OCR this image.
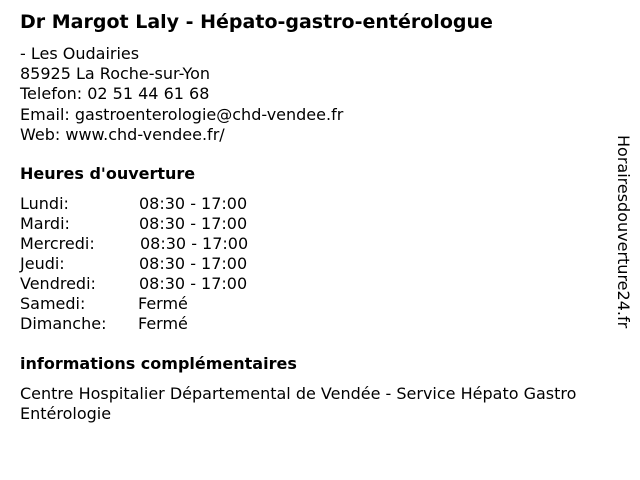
Dr Margot Laly - Hépato-gastro-entérologue
- Les Oudairies
85925 La Roche-sur-Yon
Telefon: 02 51 44 61 68
Email: gastroenterologie@chd-vendee.fr
Web: www.chd-vendee.fr/
Heures d'ouverture
Lundi:	08:30 - 17:00
Mardi:	08:30 - 17:00
Mercredi:	08:30 - 17:00
Jeudi:	08:30 - 17:00
Vendredi:	08:30 - 17:00
Samedi:	Fermé
Dimanche: Fermé
informations complémentaires
Centre Hospitalier Départemental de Vendée - Service Hépato Gastro Entérologie
Horairesdouverture24.fr
